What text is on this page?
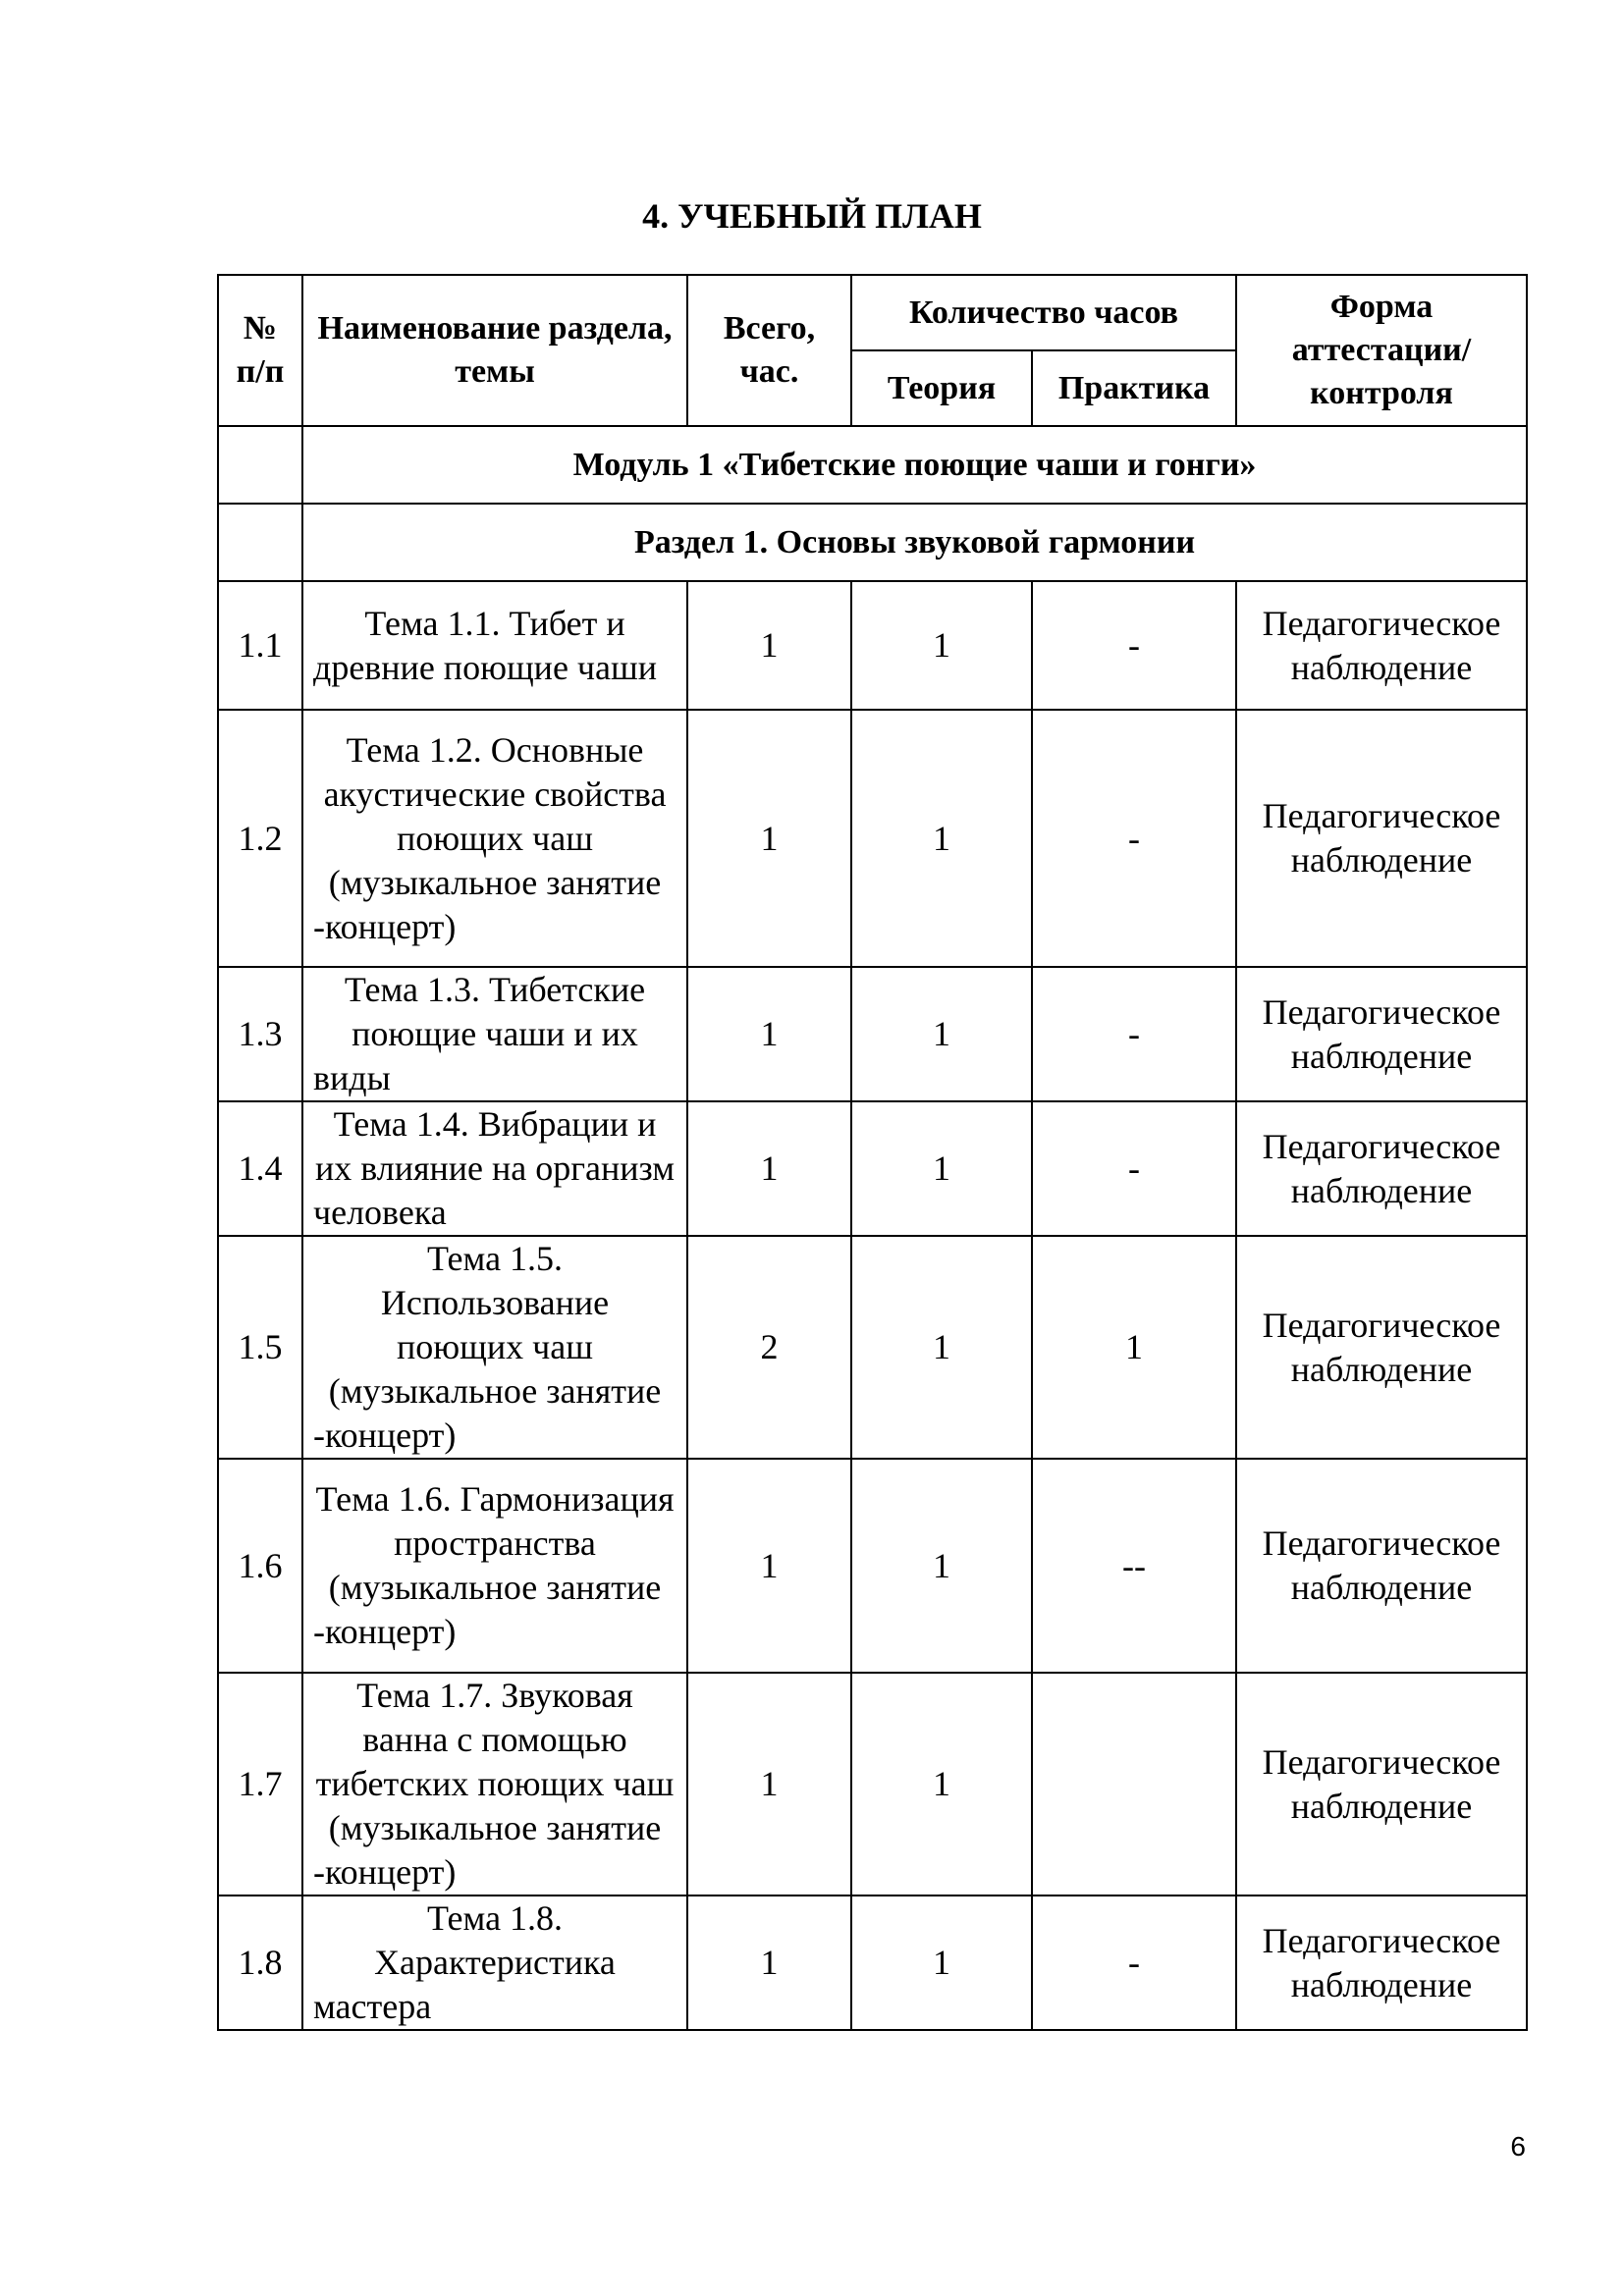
4. УЧЕБНЫЙ ПЛАН
№ п/п	Наименование раздела, темы	Всего, час.	Количество часов		Форма аттестации/ контроля
			Теория	Практика	
	Модуль 1 «Тибетские поющие чаши и гонги»				
	Раздел 1. Основы звуковой гармонии				
1.1	Тема 1.1. Тибет и древние поющие чаши	1	1	-	Педагогическое наблюдение
1.2	Тема 1.2. Основные акустические свойства поющих чаш (музыкальное занятие -концерт)	1	1	-	Педагогическое наблюдение
1.3	Тема 1.3. Тибетские поющие чаши и их виды	1	1	-	Педагогическое наблюдение
1.4	Тема 1.4. Вибрации и их влияние на организм человека	1	1	-	Педагогическое наблюдение
1.5	Тема 1.5. Использование поющих чаш (музыкальное занятие -концерт)	2	1	1	Педагогическое наблюдение
1.6	Тема 1.6. Гармонизация пространства (музыкальное занятие -концерт)	1	1	--	Педагогическое наблюдение
1.7	Тема 1.7. Звуковая ванна с помощью тибетских поющих чаш (музыкальное занятие -концерт)	1	1		Педагогическое наблюдение
1.8	Тема 1.8. Характеристика мастера	1	1	-	Педагогическое наблюдение
6
